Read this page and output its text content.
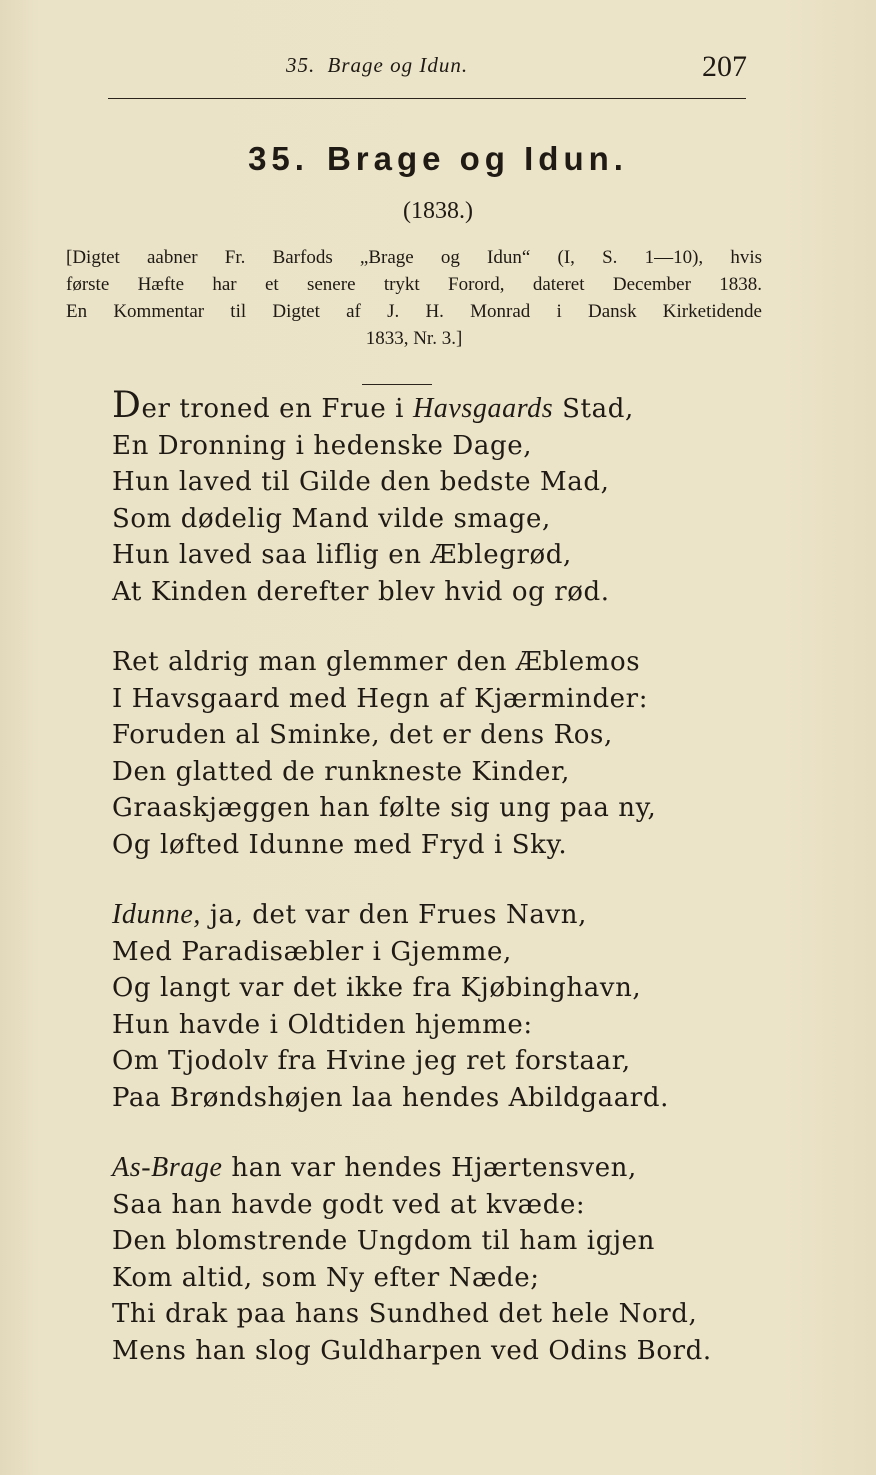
35. Brage og Idun.	207
35. Brage og Idun.
(1838.)
[Digtet aabner Fr. Barfods „Brage og Idun“ (I, S. 1—10), hvis
første Hæfte har et senere trykt Forord, dateret December 1838.
En Kommentar til Digtet af J. H. Monrad i Dansk Kirketidende
1833, Nr. 3.]
Der troned en Frue i Havsgaards Stad,
En Dronning i hedenske Dage,
Hun laved til Gilde den bedste Mad,
Som dødelig Mand vilde smage,
Hun laved saa liflig en Æblegrød,
At Kinden derefter blev hvid og rød.
Ret aldrig man glemmer den Æblemos
I Havsgaard med Hegn af Kjærminder:
Foruden al Sminke, det er dens Ros,
Den glatted de runkneste Kinder,
Graaskjæggen han følte sig ung paa ny,
Og løfted Idunne med Fryd i Sky.
Idunne, ja, det var den Frues Navn,
Med Paradisæbler i Gjemme,
Og langt var det ikke fra Kjøbinghavn,
Hun havde i Oldtiden hjemme:
Om Tjodolv fra Hvine jeg ret forstaar,
Paa Brøndshøjen laa hendes Abildgaard.
As-Brage han var hendes Hjærtensven,
Saa han havde godt ved at kvæde:
Den blomstrende Ungdom til ham igjen
Kom altid, som Ny efter Næde;
Thi drak paa hans Sundhed det hele Nord,
Mens han slog Guldharpen ved Odins Bord.
